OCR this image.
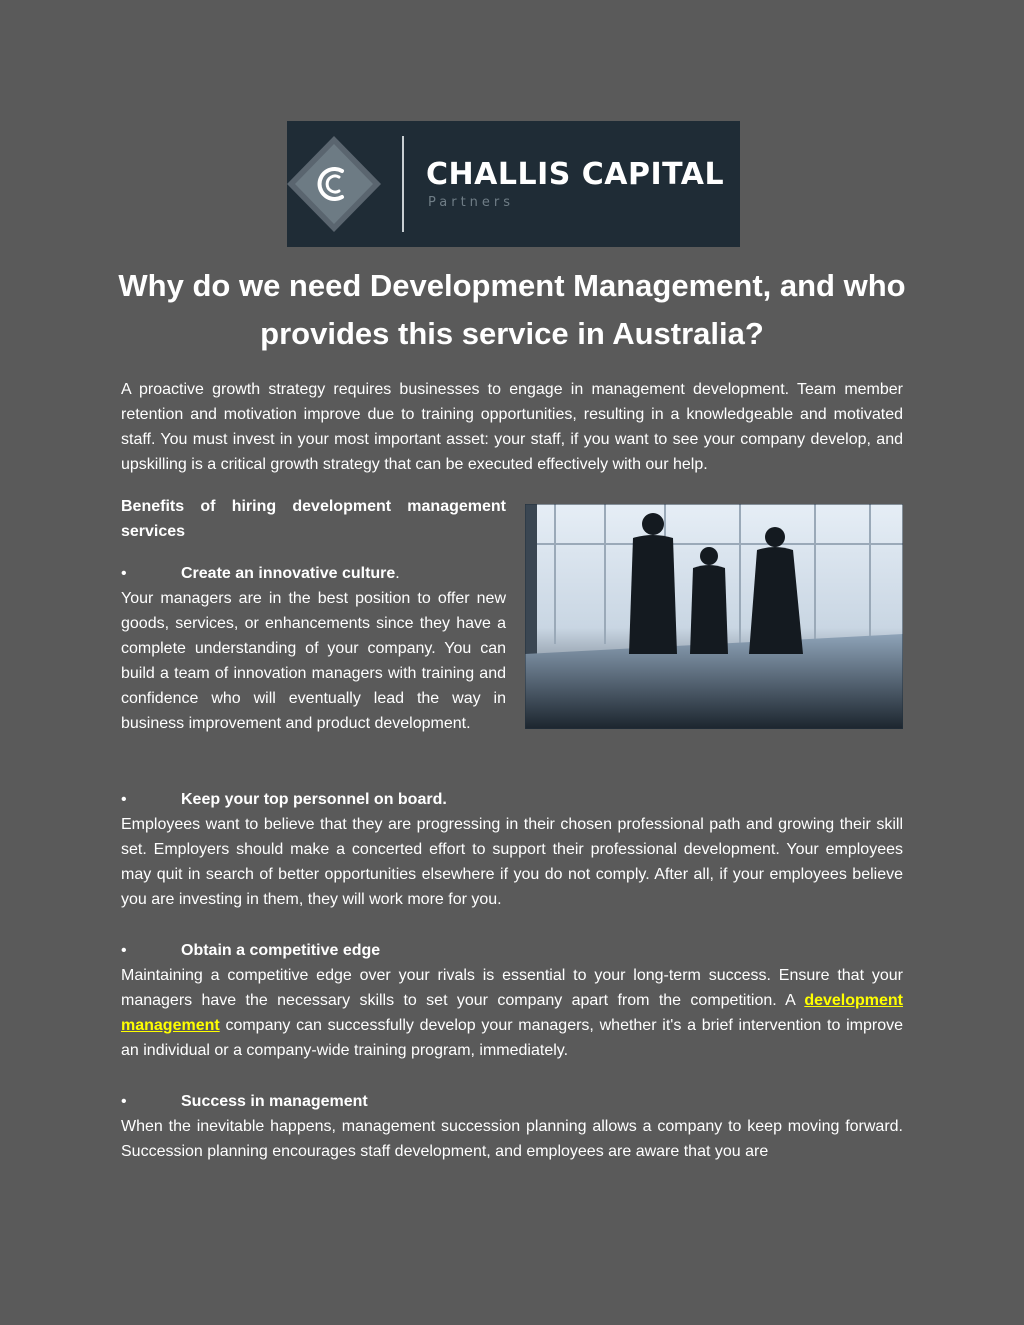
CHALLIS CAPITAL
Partners
Why do we need Development Management, and who provides this service in Australia?

A proactive growth strategy requires businesses to engage in management development. Team member retention and motivation improve due to training opportunities, resulting in a knowledgeable and motivated staff. You must invest in your most important asset: your staff, if you want to see your company develop, and upskilling is a critical growth strategy that can be executed effectively with our help.

Benefits of hiring development management services

•	Create an innovative culture.

Your managers are in the best position to offer new goods, services, or enhancements since they have a complete understanding of your company. You can build a team of innovation managers with training and confidence who will eventually lead the way in business improvement and product development.

•	Keep your top personnel on board.

Employees want to believe that they are progressing in their chosen professional path and growing their skill set. Employers should make a concerted effort to support their professional development. Your employees may quit in search of better opportunities elsewhere if you do not comply. After all, if your employees believe you are investing in them, they will work more for you.

•	Obtain a competitive edge

Maintaining a competitive edge over your rivals is essential to your long-term success. Ensure that your managers have the necessary skills to set your company apart from the competition. A development management company can successfully develop your managers, whether it's a brief intervention to improve an individual or a company-wide training program, immediately.

•	Success in management

When the inevitable happens, management succession planning allows a company to keep moving forward. Succession planning encourages staff development, and employees are aware that you are
